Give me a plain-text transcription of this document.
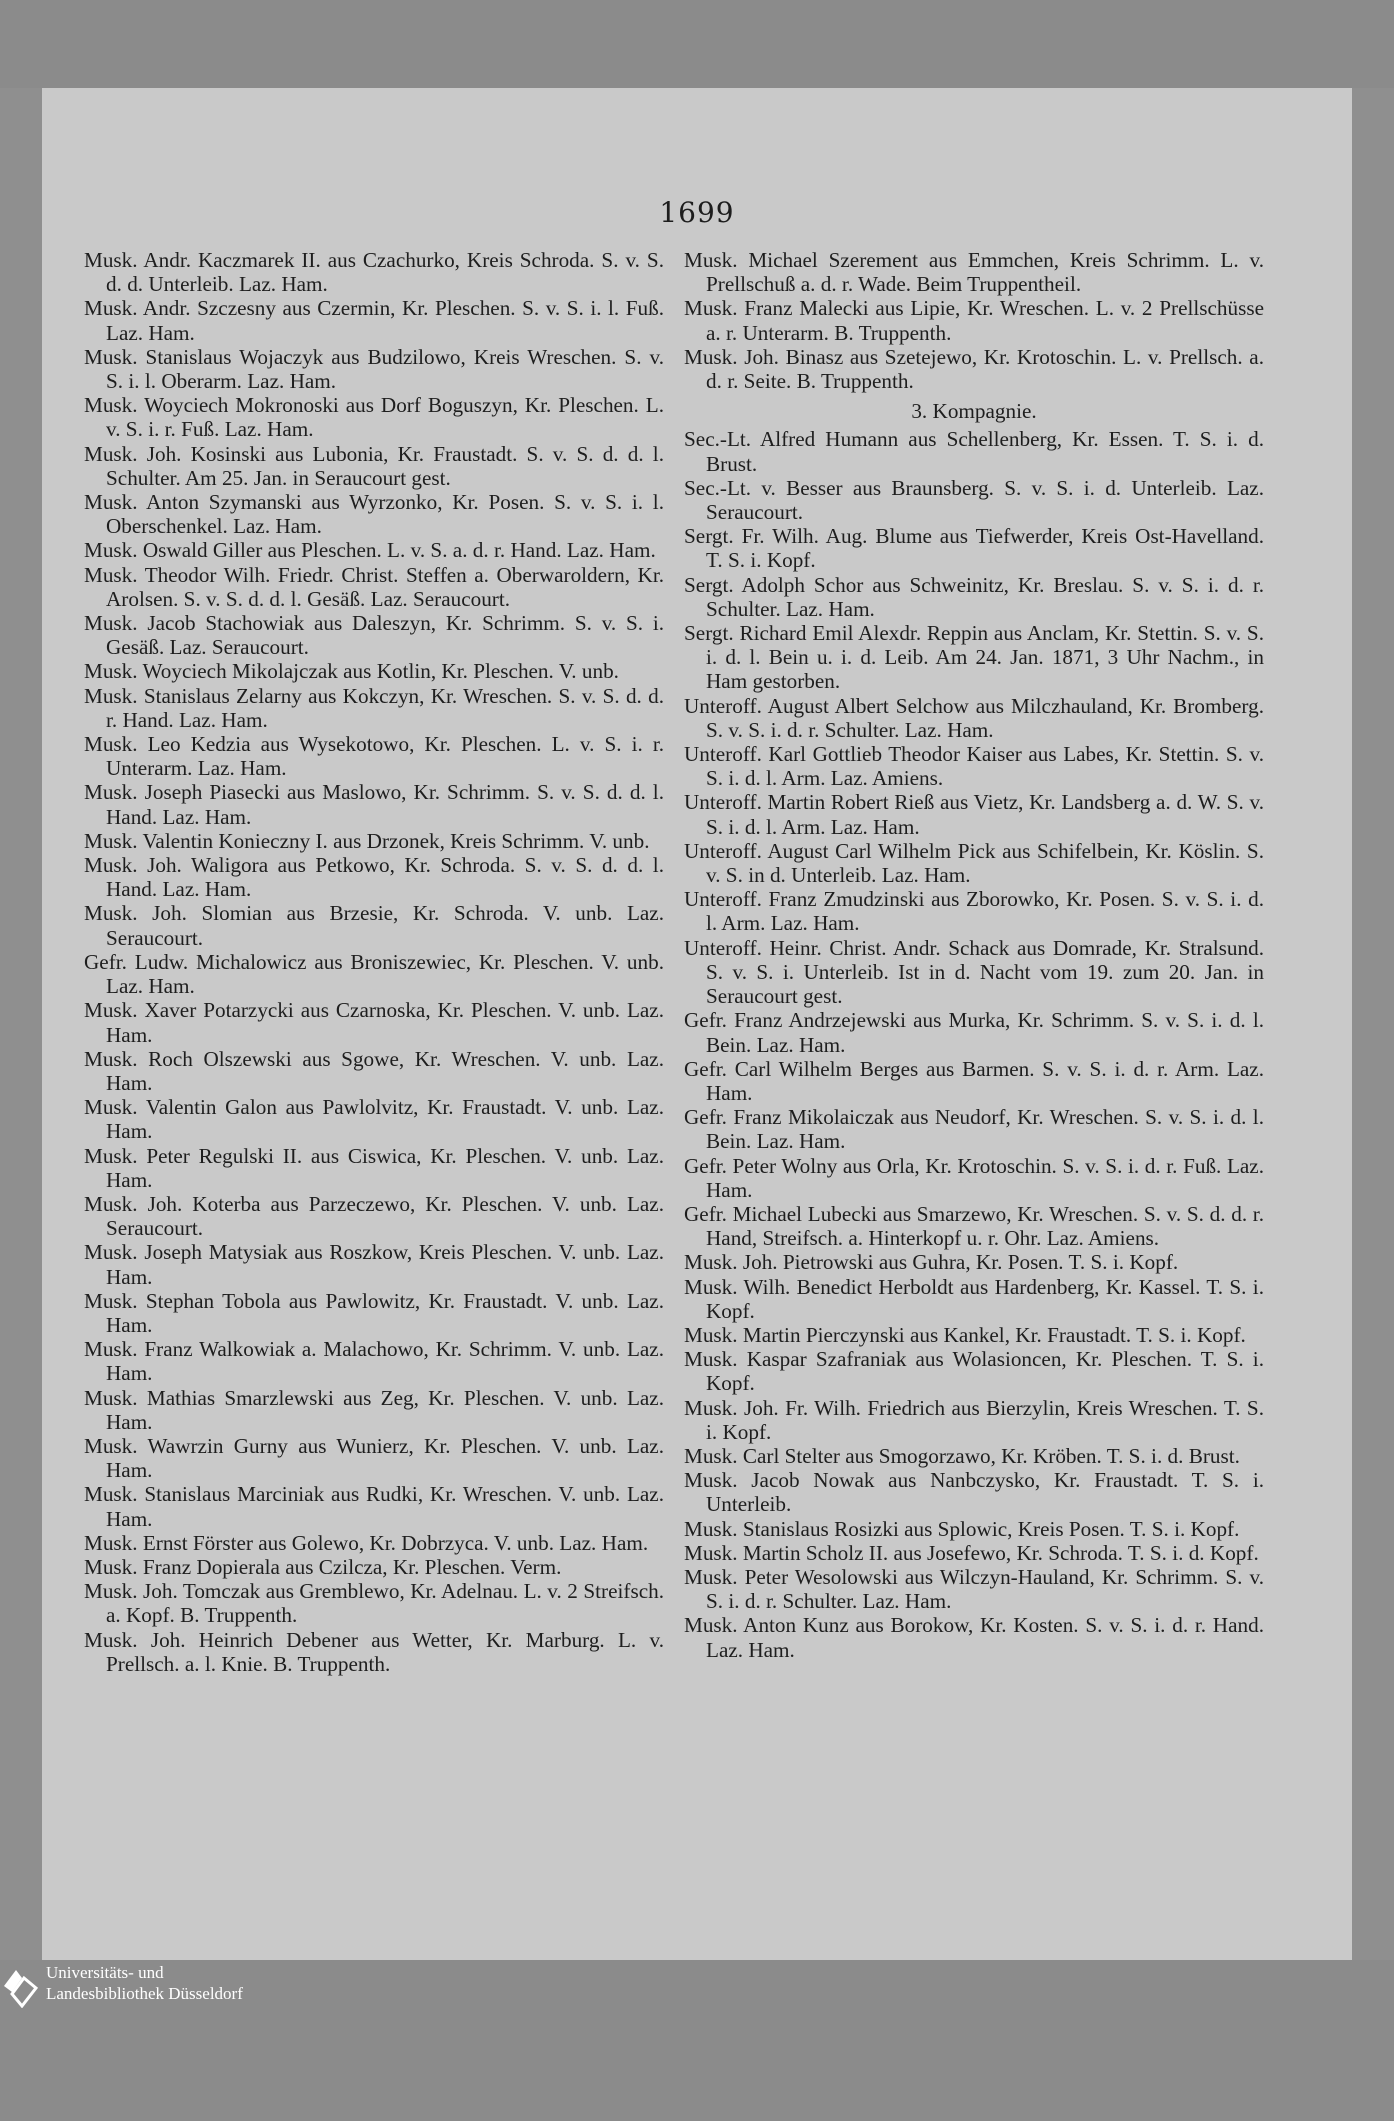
1699

Musk. Andr. Kaczmarek II. aus Czachurko, Kreis Schroda. S. v. S. d. d. Unterleib. Laz. Ham.

Musk. Andr. Szczesny aus Czermin, Kr. Pleschen. S. v. S. i. l. Fuß. Laz. Ham.

Musk. Stanislaus Wojaczyk aus Budzilowo, Kreis Wreschen. S. v. S. i. l. Oberarm. Laz. Ham.

Musk. Woyciech Mokronoski aus Dorf Boguszyn, Kr. Pleschen. L. v. S. i. r. Fuß. Laz. Ham.

Musk. Joh. Kosinski aus Lubonia, Kr. Fraustadt. S. v. S. d. d. l. Schulter. Am 25. Jan. in Seraucourt gest.

Musk. Anton Szymanski aus Wyrzonko, Kr. Posen. S. v. S. i. l. Oberschenkel. Laz. Ham.

Musk. Oswald Giller aus Pleschen. L. v. S. a. d. r. Hand. Laz. Ham.

Musk. Theodor Wilh. Friedr. Christ. Steffen a. Oberwaroldern, Kr. Arolsen. S. v. S. d. d. l. Gesäß. Laz. Seraucourt.

Musk. Jacob Stachowiak aus Daleszyn, Kr. Schrimm. S. v. S. i. Gesäß. Laz. Seraucourt.

Musk. Woyciech Mikolajczak aus Kotlin, Kr. Pleschen. V. unb.

Musk. Stanislaus Zelarny aus Kokczyn, Kr. Wreschen. S. v. S. d. d. r. Hand. Laz. Ham.

Musk. Leo Kedzia aus Wysekotowo, Kr. Pleschen. L. v. S. i. r. Unterarm. Laz. Ham.

Musk. Joseph Piasecki aus Maslowo, Kr. Schrimm. S. v. S. d. d. l. Hand. Laz. Ham.

Musk. Valentin Konieczny I. aus Drzonek, Kreis Schrimm. V. unb.

Musk. Joh. Waligora aus Petkowo, Kr. Schroda. S. v. S. d. d. l. Hand. Laz. Ham.

Musk. Joh. Slomian aus Brzesie, Kr. Schroda. V. unb. Laz. Seraucourt.

Gefr. Ludw. Michalowicz aus Broniszewiec, Kr. Pleschen. V. unb. Laz. Ham.

Musk. Xaver Potarzycki aus Czarnoska, Kr. Pleschen. V. unb. Laz. Ham.

Musk. Roch Olszewski aus Sgowe, Kr. Wreschen. V. unb. Laz. Ham.

Musk. Valentin Galon aus Pawlolvitz, Kr. Fraustadt. V. unb. Laz. Ham.

Musk. Peter Regulski II. aus Ciswica, Kr. Pleschen. V. unb. Laz. Ham.

Musk. Joh. Koterba aus Parzeczewo, Kr. Pleschen. V. unb. Laz. Seraucourt.

Musk. Joseph Matysiak aus Roszkow, Kreis Pleschen. V. unb. Laz. Ham.

Musk. Stephan Tobola aus Pawlowitz, Kr. Fraustadt. V. unb. Laz. Ham.

Musk. Franz Walkowiak a. Malachowo, Kr. Schrimm. V. unb. Laz. Ham.

Musk. Mathias Smarzlewski aus Zeg, Kr. Pleschen. V. unb. Laz. Ham.

Musk. Wawrzin Gurny aus Wunierz, Kr. Pleschen. V. unb. Laz. Ham.

Musk. Stanislaus Marciniak aus Rudki, Kr. Wreschen. V. unb. Laz. Ham.

Musk. Ernst Förster aus Golewo, Kr. Dobrzyca. V. unb. Laz. Ham.

Musk. Franz Dopierala aus Czilcza, Kr. Pleschen. Verm.

Musk. Joh. Tomczak aus Gremblewo, Kr. Adelnau. L. v. 2 Streifsch. a. Kopf. B. Truppenth.

Musk. Joh. Heinrich Debener aus Wetter, Kr. Marburg. L. v. Prellsch. a. l. Knie. B. Truppenth.

Musk. Michael Szerement aus Emmchen, Kreis Schrimm. L. v. Prellschuß a. d. r. Wade. Beim Truppentheil.

Musk. Franz Malecki aus Lipie, Kr. Wreschen. L. v. 2 Prellschüsse a. r. Unterarm. B. Truppenth.

Musk. Joh. Binasz aus Szetejewo, Kr. Krotoschin. L. v. Prellsch. a. d. r. Seite. B. Truppenth.

3. Kompagnie.

Sec.-Lt. Alfred Humann aus Schellenberg, Kr. Essen. T. S. i. d. Brust.

Sec.-Lt. v. Besser aus Braunsberg. S. v. S. i. d. Unterleib. Laz. Seraucourt.

Sergt. Fr. Wilh. Aug. Blume aus Tiefwerder, Kreis Ost-Havelland. T. S. i. Kopf.

Sergt. Adolph Schor aus Schweinitz, Kr. Breslau. S. v. S. i. d. r. Schulter. Laz. Ham.

Sergt. Richard Emil Alexdr. Reppin aus Anclam, Kr. Stettin. S. v. S. i. d. l. Bein u. i. d. Leib. Am 24. Jan. 1871, 3 Uhr Nachm., in Ham gestorben.

Unteroff. August Albert Selchow aus Milczhauland, Kr. Bromberg. S. v. S. i. d. r. Schulter. Laz. Ham.

Unteroff. Karl Gottlieb Theodor Kaiser aus Labes, Kr. Stettin. S. v. S. i. d. l. Arm. Laz. Amiens.

Unteroff. Martin Robert Rieß aus Vietz, Kr. Landsberg a. d. W. S. v. S. i. d. l. Arm. Laz. Ham.

Unteroff. August Carl Wilhelm Pick aus Schifelbein, Kr. Köslin. S. v. S. in d. Unterleib. Laz. Ham.

Unteroff. Franz Zmudzinski aus Zborowko, Kr. Posen. S. v. S. i. d. l. Arm. Laz. Ham.

Unteroff. Heinr. Christ. Andr. Schack aus Domrade, Kr. Stralsund. S. v. S. i. Unterleib. Ist in d. Nacht vom 19. zum 20. Jan. in Seraucourt gest.

Gefr. Franz Andrzejewski aus Murka, Kr. Schrimm. S. v. S. i. d. l. Bein. Laz. Ham.

Gefr. Carl Wilhelm Berges aus Barmen. S. v. S. i. d. r. Arm. Laz. Ham.

Gefr. Franz Mikolaiczak aus Neudorf, Kr. Wreschen. S. v. S. i. d. l. Bein. Laz. Ham.

Gefr. Peter Wolny aus Orla, Kr. Krotoschin. S. v. S. i. d. r. Fuß. Laz. Ham.

Gefr. Michael Lubecki aus Smarzewo, Kr. Wreschen. S. v. S. d. d. r. Hand, Streifsch. a. Hinterkopf u. r. Ohr. Laz. Amiens.

Musk. Joh. Pietrowski aus Guhra, Kr. Posen. T. S. i. Kopf.

Musk. Wilh. Benedict Herboldt aus Hardenberg, Kr. Kassel. T. S. i. Kopf.

Musk. Martin Pierczynski aus Kankel, Kr. Fraustadt. T. S. i. Kopf.

Musk. Kaspar Szafraniak aus Wolasioncen, Kr. Pleschen. T. S. i. Kopf.

Musk. Joh. Fr. Wilh. Friedrich aus Bierzylin, Kreis Wreschen. T. S. i. Kopf.

Musk. Carl Stelter aus Smogorzawo, Kr. Kröben. T. S. i. d. Brust.

Musk. Jacob Nowak aus Nanbczysko, Kr. Fraustadt. T. S. i. Unterleib.

Musk. Stanislaus Rosizki aus Splowic, Kreis Posen. T. S. i. Kopf.

Musk. Martin Scholz II. aus Josefewo, Kr. Schroda. T. S. i. d. Kopf.

Musk. Peter Wesolowski aus Wilczyn-Hauland, Kr. Schrimm. S. v. S. i. d. r. Schulter. Laz. Ham.

Musk. Anton Kunz aus Borokow, Kr. Kosten. S. v. S. i. d. r. Hand. Laz. Ham.

Universitäts- und
Landesbibliothek Düsseldorf
